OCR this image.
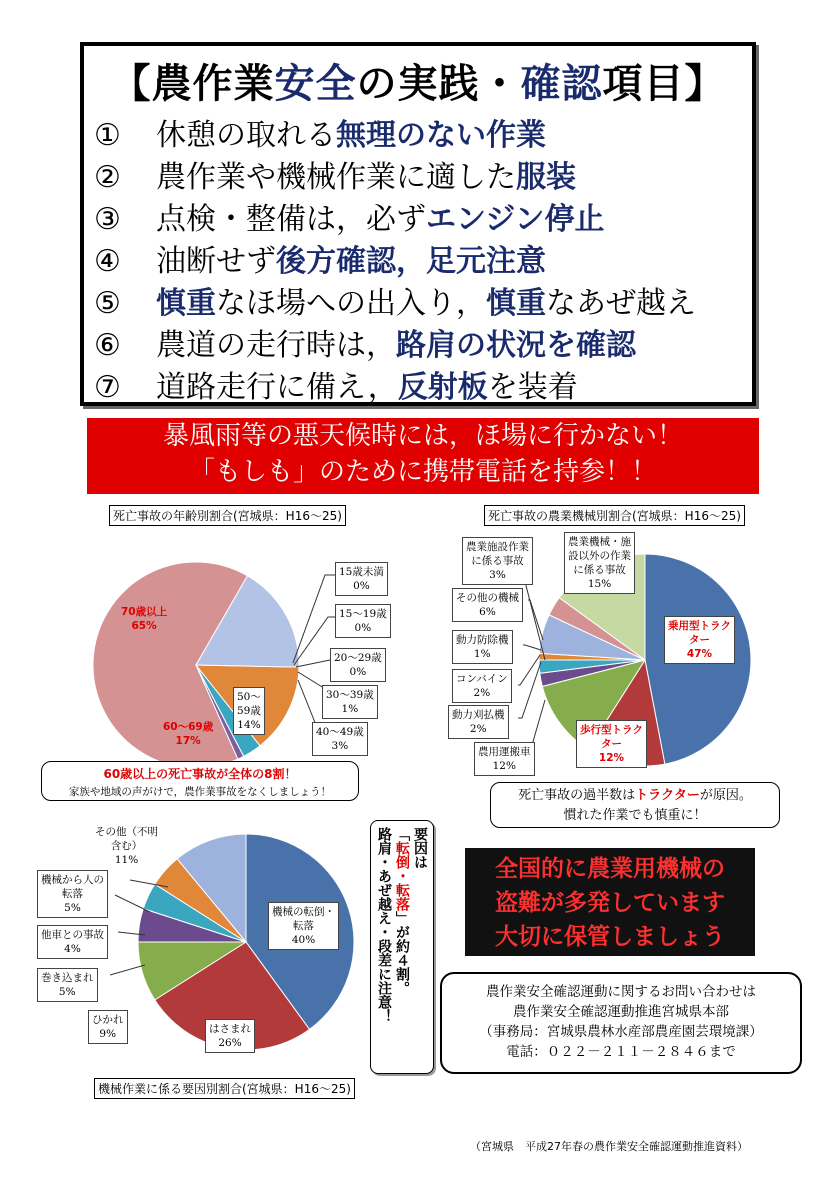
【農作業安全の実践・確認項目】
① 休憩の取れる無理のない作業
② 農作業や機械作業に適した服装
③ 点検・整備は，必ずエンジン停止
④ 油断せず後方確認，足元注意
⑤ 慎重なほ場への出入り，慎重なあぜ越え
⑥ 農道の走行時は，路肩の状況を確認
⑦ 道路走行に備え，反射板を装着
暴風雨等の悪天候時には，ほ場に行かない！
「もしも」のために携帯電話を持参！！
死亡事故の年齢別割合(宮城県：H16～25)	死亡事故の農業機械別割合(宮城県：H16～25)
機械作業に係る要因別割合(宮城県：H16～25)
70歳以上
65%
60～69歳
17%
50～
59歳
14%
15歳未満
0%
15～19歳
0%
20～29歳
0%
30～39歳
1%
40～49歳
3%
60歳以上の死亡事故が全体の8割！
家族や地域の声がけで，農作業事故をなくしましょう！
農業施設作業
に係る事故
3%
農業機械・施
設以外の作業
に係る事故
15%
その他の機械
6%
動力防除機
1%
コンバイン
2%
動力刈払機
2%
農用運搬車
12%
乗用型トラク
ター
47%
歩行型トラク
ター
12%
死亡事故の過半数はトラクターが原因。
慣れた作業でも慎重に！
機械の転倒・
転落
40%
はさまれ
26%
ひかれ
9%
巻き込まれ
5%
他車との事故
4%
機械から人の
転落
5%
その他（不明
含む）
11%	要因は
「転倒・転落」が約４割。
路肩・あぜ越え・段差に注意！	全国的に農業用機械の
盗難が多発しています
大切に保管しましょう
農作業安全確認運動に関するお問い合わせは
農作業安全確認運動推進宮城県本部
（事務局：宮城県農林水産部農産園芸環境課）
電話：０２２－２１１－２８４６まで
（宮城県　平成27年春の農作業安全確認運動推進資料）
